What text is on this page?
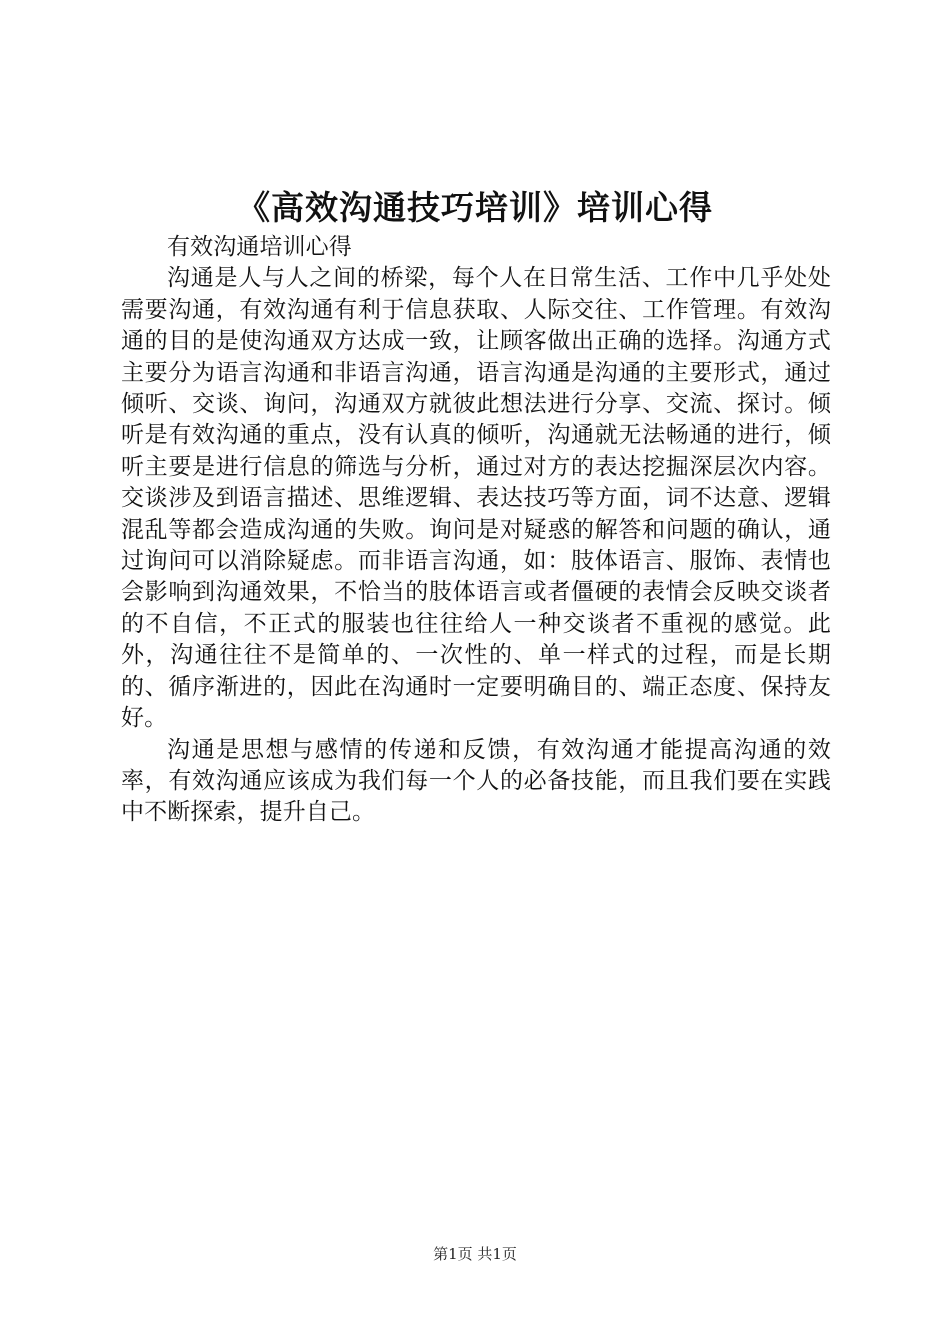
《高效沟通技巧培训》培训心得

有效沟通培训心得

沟通是人与人之间的桥梁，每个人在日常生活、工作中几乎处处需要沟通，有效沟通有利于信息获取、人际交往、工作管理。有效沟通的目的是使沟通双方达成一致，让顾客做出正确的选择。沟通方式主要分为语言沟通和非语言沟通，语言沟通是沟通的主要形式，通过倾听、交谈、询问，沟通双方就彼此想法进行分享、交流、探讨。倾听是有效沟通的重点，没有认真的倾听，沟通就无法畅通的进行，倾听主要是进行信息的筛选与分析，通过对方的表达挖掘深层次内容。交谈涉及到语言描述、思维逻辑、表达技巧等方面，词不达意、逻辑混乱等都会造成沟通的失败。询问是对疑惑的解答和问题的确认，通过询问可以消除疑虑。而非语言沟通，如：肢体语言、服饰、表情也会影响到沟通效果，不恰当的肢体语言或者僵硬的表情会反映交谈者的不自信，不正式的服装也往往给人一种交谈者不重视的感觉。此外，沟通往往不是简单的、一次性的、单一样式的过程，而是长期的、循序渐进的，因此在沟通时一定要明确目的、端正态度、保持友好。

沟通是思想与感情的传递和反馈，有效沟通才能提高沟通的效率，有效沟通应该成为我们每一个人的必备技能，而且我们要在实践中不断探索，提升自己。

第1页 共1页
